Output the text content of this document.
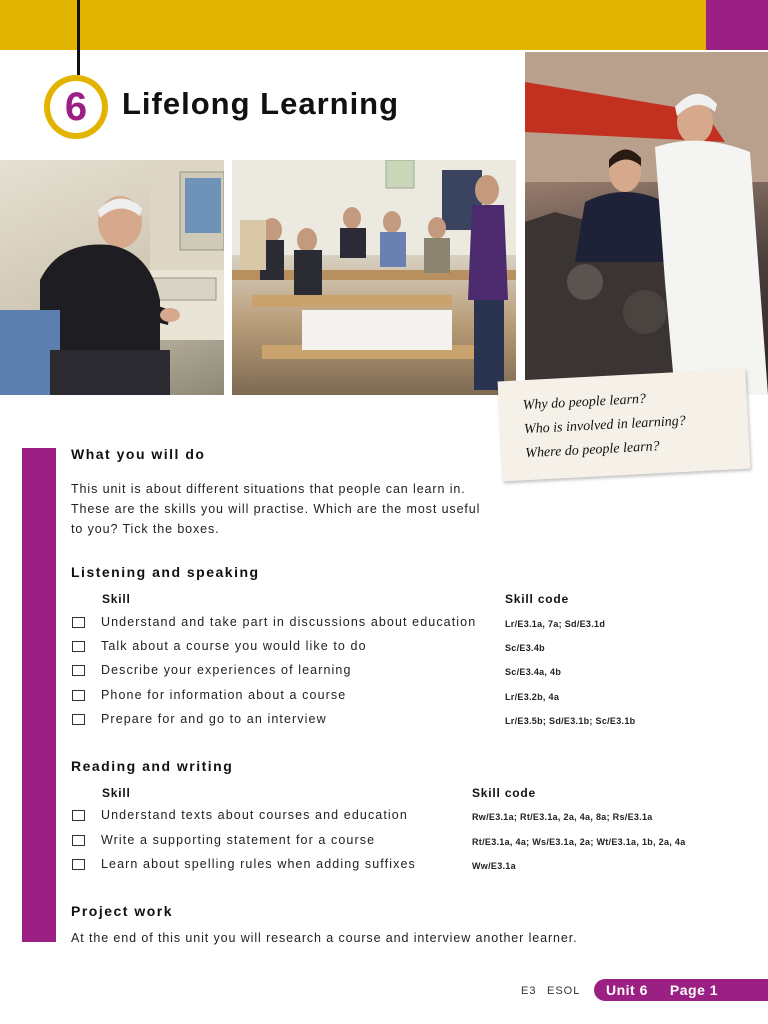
6	Lifelong Learning
Why do people learn?
Who is involved in learning?
Where do people learn?
What you will do
This unit is about different situations that people can learn in.
These are the skills you will practise. Which are the most useful
to you? Tick the boxes.
Listening and speaking
Skill	Skill code
Understand and take part in discussions about education	Lr/E3.1a, 7a; Sd/E3.1d
Talk about a course you would like to do	Sc/E3.4b
Describe your experiences of learning	Sc/E3.4a, 4b
Phone for information about a course	Lr/E3.2b, 4a
Prepare for and go to an interview	Lr/E3.5b; Sd/E3.1b; Sc/E3.1b
Reading and writing
Skill	Skill code
Understand texts about courses and education	Rw/E3.1a; Rt/E3.1a, 2a, 4a, 8a; Rs/E3.1a
Write a supporting statement for a course	Rt/E3.1a, 4a; Ws/E3.1a, 2a; Wt/E3.1a, 1b, 2a, 4a
Learn about spelling rules when adding suffixes	Ww/E3.1a
Project work
At the end of this unit you will research a course and interview another learner.
E3 ESOL Unit 6 Page 1
